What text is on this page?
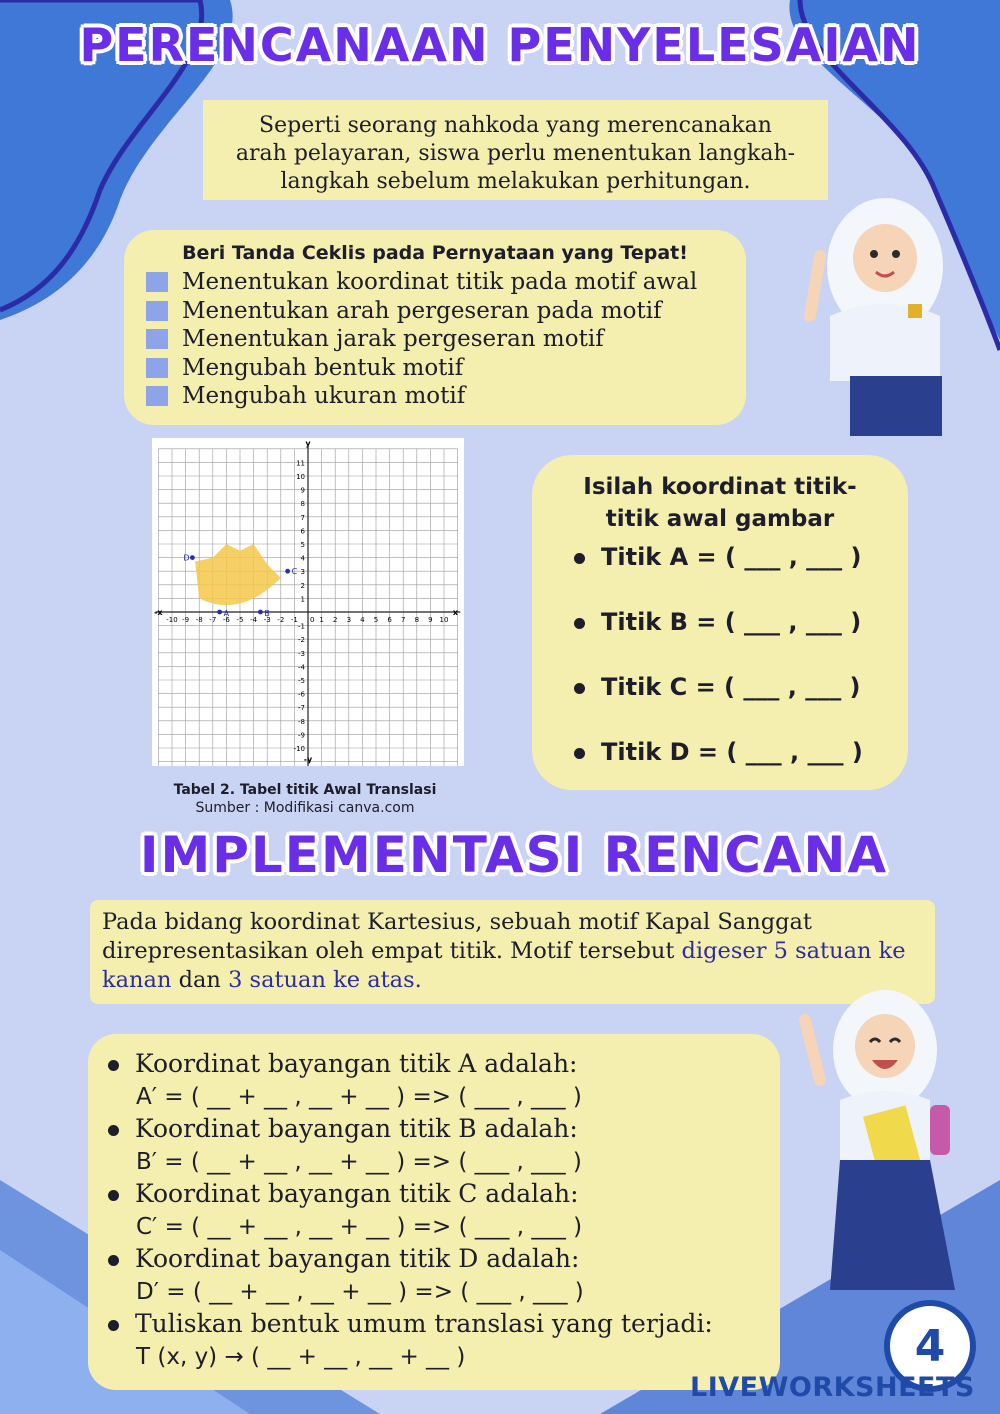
PERENCANAAN PENYELESAIAN
Seperti seorang nahkoda yang merencanakan
arah pelayaran, siswa perlu menentukan langkah-
langkah sebelum melakukan perhitungan.
Beri Tanda Ceklis pada Pernyataan yang Tepat!
Menentukan koordinat titik pada motif awal
Menentukan arah pergeseran pada motif
Menentukan jarak pergeseran motif
Mengubah bentuk motif
Mengubah ukuran motif
-10 -9 -8 -7 -6 -5 -4 -3 -2 -1	1 2 3 4 5 6 7 8 9 10
11
10
9
8
7
6
5
4
3
2
1
-1
-2
-3
-4
-5
-6
-7
-8
-9
-10
0
x
-x
y
-y
A	B
C
D
Tabel 2. Tabel titik Awal Translasi
Sumber : Modifikasi canva.com
Isilah koordinat titik-
titik awal gambar
Titik A = ( ___ , ___ )
Titik B = ( ___ , ___ )
Titik C = ( ___ , ___ )
Titik D = ( ___ , ___ )
IMPLEMENTASI RENCANA
Pada bidang koordinat Kartesius, sebuah motif Kapal Sanggat direpresentasikan oleh empat titik. Motif tersebut digeser 5 satuan ke kanan dan 3 satuan ke atas.
Koordinat bayangan titik A adalah:
A′ = ( __ + __ , __ + __ ) => ( ___ , ___ )
Koordinat bayangan titik B adalah:
B′ = ( __ + __ , __ + __ ) => ( ___ , ___ )
Koordinat bayangan titik C adalah:
C′ = ( __ + __ , __ + __ ) => ( ___ , ___ )
Koordinat bayangan titik D adalah:
D′ = ( __ + __ , __ + __ ) => ( ___ , ___ )
Tuliskan bentuk umum translasi yang terjadi:
T (x, y) → ( __ + __ , __ + __ )	4
LIVEWORKSHEETS
